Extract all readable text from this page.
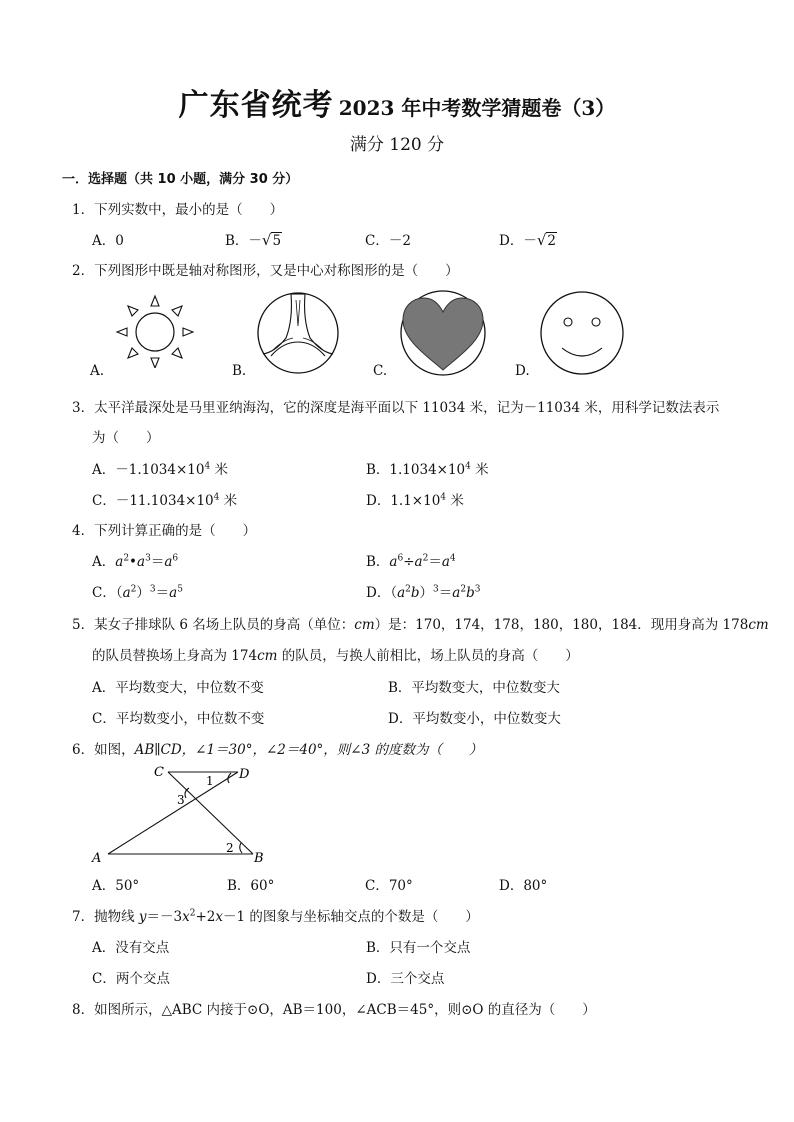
广东省统考 2023 年中考数学猜题卷（3）
满分 120 分
一．选择题（共 10 小题，满分 30 分）
1．下列实数中，最小的是（　　）
A．0	B．－√5	C．－2	D．－√2
2．下列图形中既是轴对称图形，又是中心对称图形的是（　　）
A.	B.	C.	D.
3．太平洋最深处是马里亚纳海沟，它的深度是海平面以下 11034 米，记为－11034 米，用科学记数法表示
为（　　）
A．$-1.1034\times 10^4$ 米	B．$1.1034\times 10^4$ 米
C．$-11.1034\times 10^4$ 米	D．$1.1\times 10^4$ 米
4．下列计算正确的是（　　）
A．$a^2•a^3=a^6$	B．$a^6\div a^2=a^4$
C．$(a^2)^3=a^5$	D．$(a^2b)^3=a^2b^3$
5．某女子排球队 6 名场上队员的身高（单位：cm）是：170，174，178，180，180，184．现用身高为 178cm
的队员替换场上身高为 174cm 的队员，与换人前相比，场上队员的身高（　　）
A．平均数变大，中位数不变	B．平均数变大，中位数变大
C．平均数变小，中位数不变	D．平均数变小，中位数变大
6．如图，AB∥CD，∠1＝30°，∠2＝40°，则∠3 的度数为（　　）
C	D
A	B
1
2
3
A．50°	B．60°	C．70°	D．80°
7．抛物线 $y=-3x^2+2x-1$ 的图象与坐标轴交点的个数是（　　）
A．没有交点	B．只有一个交点
C．两个交点	D．三个交点
8．如图所示，△ABC 内接于⊙O，AB＝100，∠ACB＝45°，则⊙O 的直径为（　　）
